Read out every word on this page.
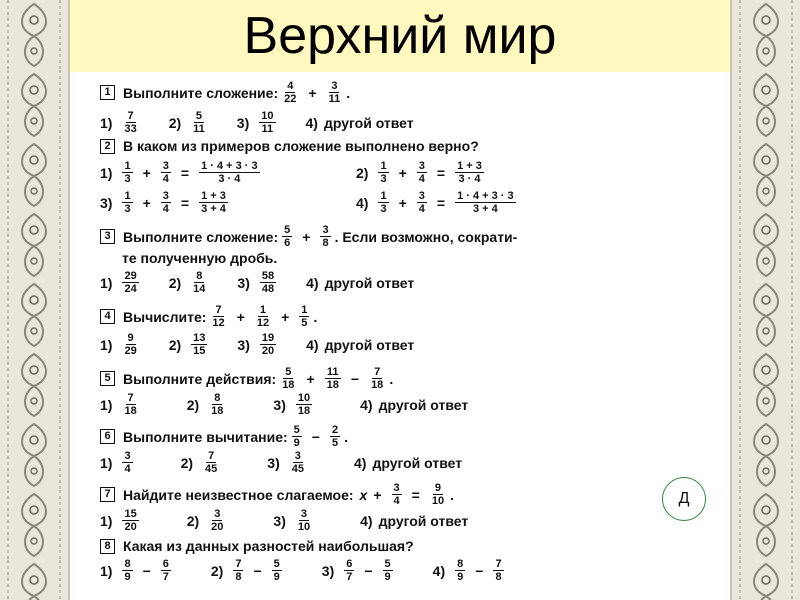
Верхний мир
1 Выполните сложение: $\frac{4}{22} + \frac{3}{11}$ .
$1) \frac{7}{33} 2) \frac{5}{11} 3) \frac{10}{11} 4$) другой ответ
2 В каком из примеров сложение выполнено верно?
$1) \frac{1}{3} + \frac{3}{4} = \frac{1 \cdot 4 + 3 \cdot 3}{3 \cdot 4}$	$2) \frac{1}{3} + \frac{3}{4} = \frac{1 + 3}{3 \cdot 4}$
$3) \frac{1}{3} + \frac{3}{4} = \frac{1 + 3}{3 + 4}$	$4) \frac{1}{3} + \frac{3}{4} = \frac{1 \cdot 4 + 3 \cdot 3}{3 + 4}$
3 Выполните сложение: $\frac{5}{6} + \frac{3}{8}$ . Если возможно, сократи-
те полученную дробь.
$1) \frac{29}{24} 2) \frac{8}{14} 3) \frac{58}{48} 4$) другой ответ
4 Вычислите: $\frac{7}{12} + \frac{1}{12} + \frac{1}{5}$ .
$1) \frac{9}{29} 2) \frac{13}{15} 3) \frac{19}{20} 4$) другой ответ
5 Выполните действия: $\frac{5}{18} + \frac{11}{18} - \frac{7}{18}$ .
$1) \frac{7}{18}$	$2) \frac{8}{18}$	$3) \frac{10}{18}$	4) другой ответ
6 Выполните вычитание: $\frac{5}{9} - \frac{2}{5}$ .
$1) \frac{3}{4}$	$2) \frac{7}{45}$	$3) \frac{3}{45}$	4) другой ответ
7 Найдите неизвестное слагаемое: $x + \frac{3}{4} = \frac{9}{10}$ .
$1) \frac{15}{20}$	$2) \frac{3}{20}$	$3) \frac{3}{10}$	4) другой ответ
8 Какая из данных разностей наибольшая?
$1) \frac{8}{9} - \frac{6}{7}$	$2) \frac{7}{8} - \frac{5}{9}$	$3) \frac{6}{7} - \frac{5}{9}$	$4) \frac{8}{9} - \frac{7}{8}$
Д
